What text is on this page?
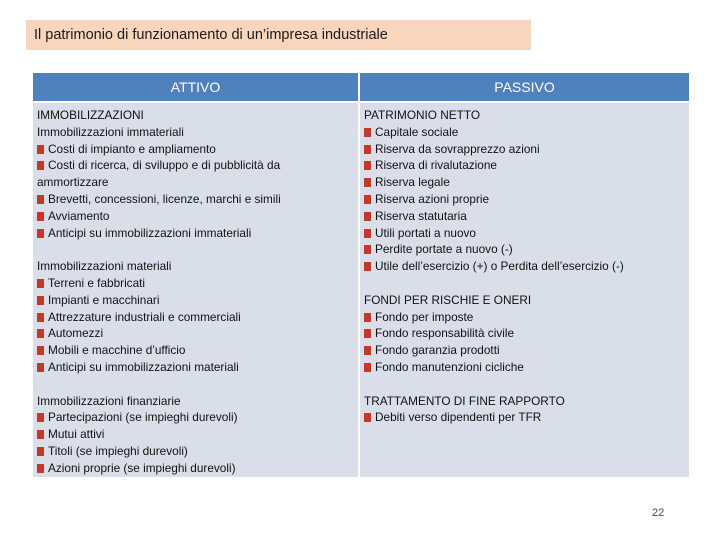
Il patrimonio di funzionamento di un’impresa industriale
ATTIVO	PASSIVO
IMMOBILIZZAZIONI
Immobilizzazioni immateriali
Costi di impianto e ampliamento
Costi di ricerca, di sviluppo e di pubblicità da ammortizzare
Brevetti, concessioni, licenze, marchi e simili
Avviamento
Anticipi su immobilizzazioni immateriali
Immobilizzazioni materiali
Terreni e fabbricati
Impianti e macchinari
Attrezzature industriali e commerciali
Automezzi
Mobili e macchine d’ufficio
Anticipi su immobilizzazioni materiali
Immobilizzazioni finanziarie
Partecipazioni (se impieghi durevoli)
Mutui attivi
Titoli (se impieghi durevoli)
Azioni proprie (se impieghi durevoli)
PATRIMONIO NETTO
Capitale sociale
Riserva da sovrapprezzo azioni
Riserva di rivalutazione
Riserva legale
Riserva azioni proprie
Riserva statutaria
Utili portati a nuovo
Perdite portate a nuovo (-)
Utile dell’esercizio (+) o Perdita dell’esercizio (-)
FONDI PER RISCHIE E ONERI
Fondo per imposte
Fondo responsabilità civile
Fondo garanzia prodotti
Fondo manutenzioni cicliche
TRATTAMENTO DI FINE RAPPORTO
Debiti verso dipendenti per TFR
22
